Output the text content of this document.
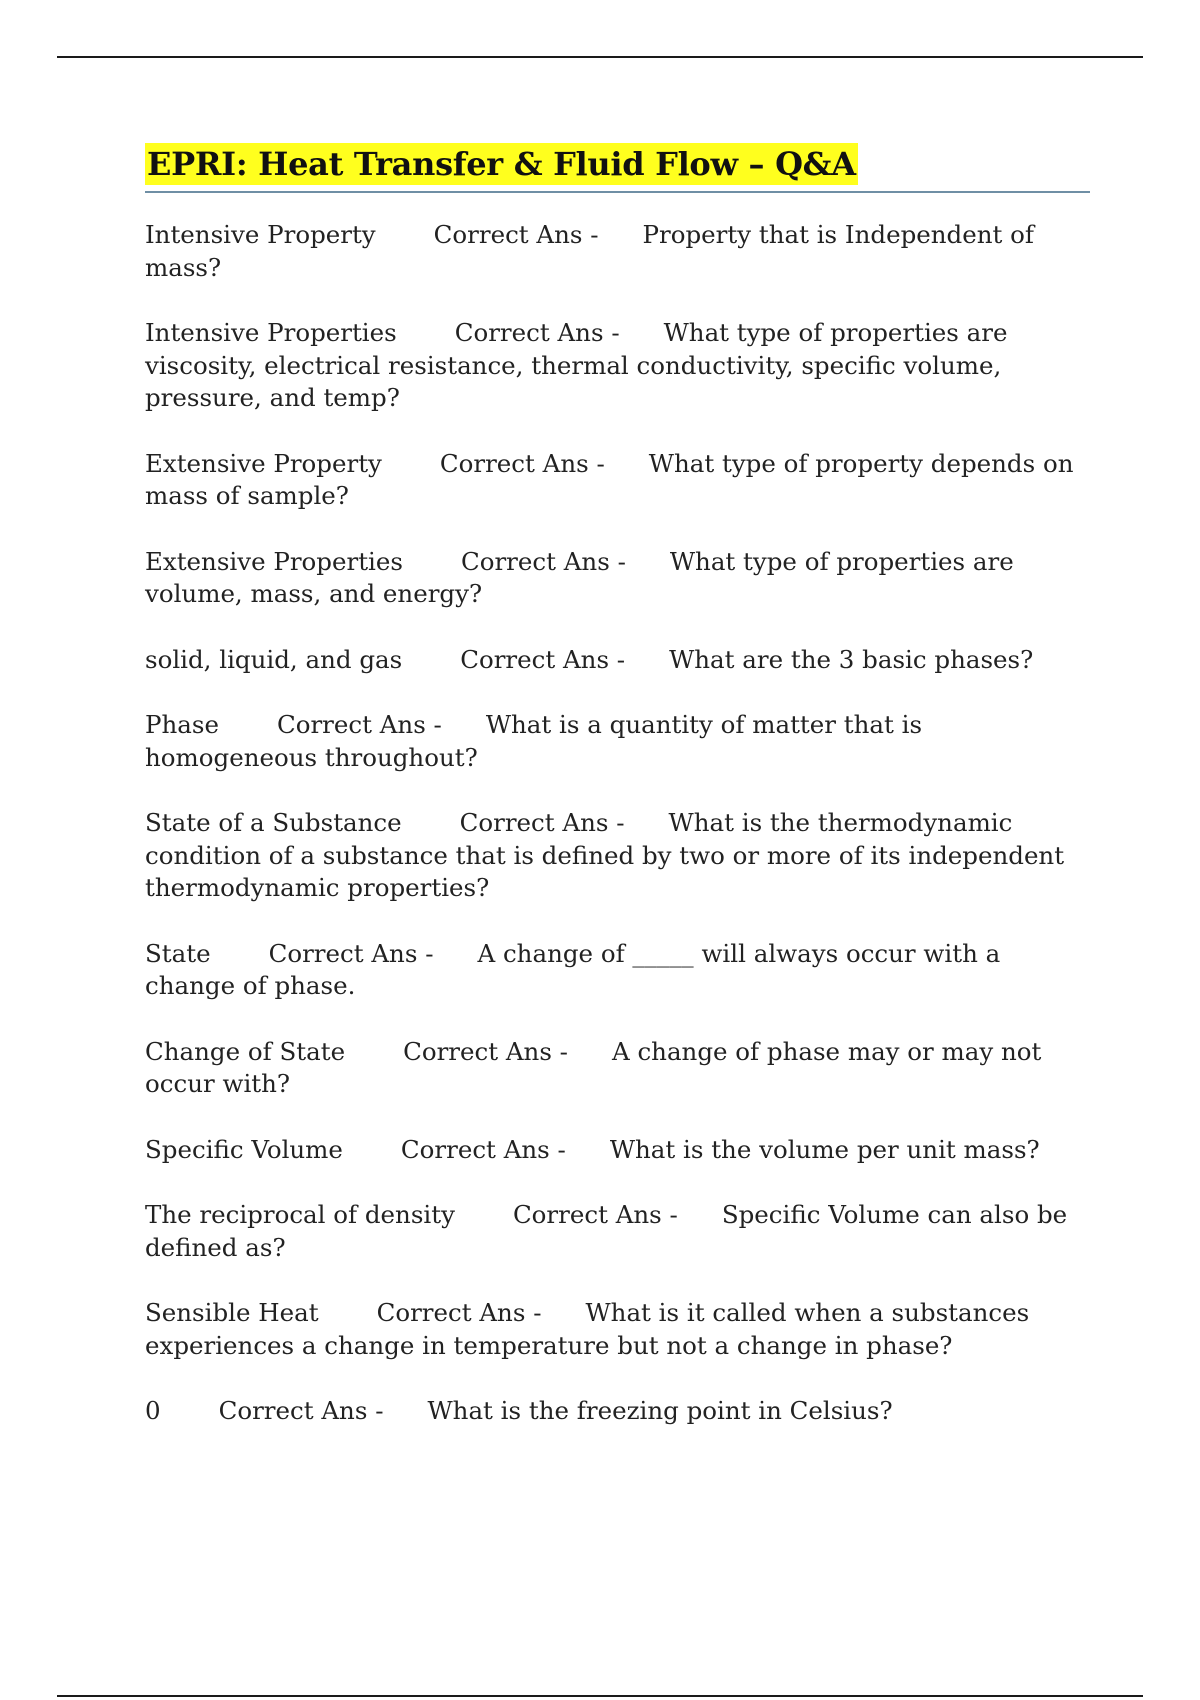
EPRI: Heat Transfer & Fluid Flow – Q&A

Intensive Property Correct Ans - Property that is Independent of mass?

Intensive Properties Correct Ans - What type of properties are viscosity, electrical resistance, thermal conductivity, specific volume, pressure, and temp?

Extensive Property Correct Ans - What type of property depends on mass of sample?

Extensive Properties Correct Ans - What type of properties are volume, mass, and energy?

solid, liquid, and gas Correct Ans - What are the 3 basic phases?

Phase Correct Ans - What is a quantity of matter that is homogeneous throughout?

State of a Substance Correct Ans - What is the thermodynamic condition of a substance that is defined by two or more of its independent thermodynamic properties?

State Correct Ans - A change of _____ will always occur with a change of phase.

Change of State Correct Ans - A change of phase may or may not occur with?

Specific Volume Correct Ans - What is the volume per unit mass?

The reciprocal of density Correct Ans - Specific Volume can also be defined as?

Sensible Heat Correct Ans - What is it called when a substances experiences a change in temperature but not a change in phase?

0 Correct Ans - What is the freezing point in Celsius?
